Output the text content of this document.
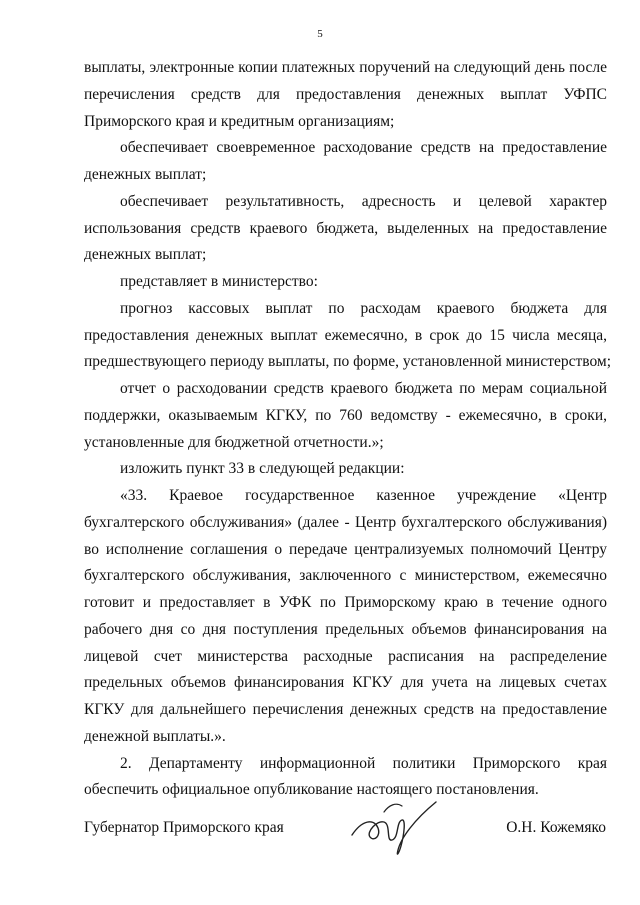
5
выплаты, электронные копии платежных поручений на следующий день после
перечисления средств для предоставления денежных выплат УФПС
Приморского края и кредитным организациям;
обеспечивает своевременное расходование средств на предоставление
денежных выплат;
обеспечивает результативность, адресность и целевой характер
использования средств краевого бюджета, выделенных на предоставление
денежных выплат;
представляет в министерство:
прогноз кассовых выплат по расходам краевого бюджета для
предоставления денежных выплат ежемесячно, в срок до 15 числа месяца,
предшествующего периоду выплаты, по форме, установленной министерством;
отчет о расходовании средств краевого бюджета по мерам социальной
поддержки, оказываемым КГКУ, по 760 ведомству - ежемесячно, в сроки,
установленные для бюджетной отчетности.»;
изложить пункт 33 в следующей редакции:
«33. Краевое государственное казенное учреждение «Центр
бухгалтерского обслуживания» (далее - Центр бухгалтерского обслуживания)
во исполнение соглашения о передаче централизуемых полномочий Центру
бухгалтерского обслуживания, заключенного с министерством, ежемесячно
готовит и предоставляет в УФК по Приморскому краю в течение одного
рабочего дня со дня поступления предельных объемов финансирования на
лицевой счет министерства расходные расписания на распределение
предельных объемов финансирования КГКУ для учета на лицевых счетах
КГКУ для дальнейшего перечисления денежных средств на предоставление
денежной выплаты.».
2. Департаменту информационной политики Приморского края
обеспечить официальное опубликование настоящего постановления.
Губернатор Приморского края	О.Н. Кожемяко
